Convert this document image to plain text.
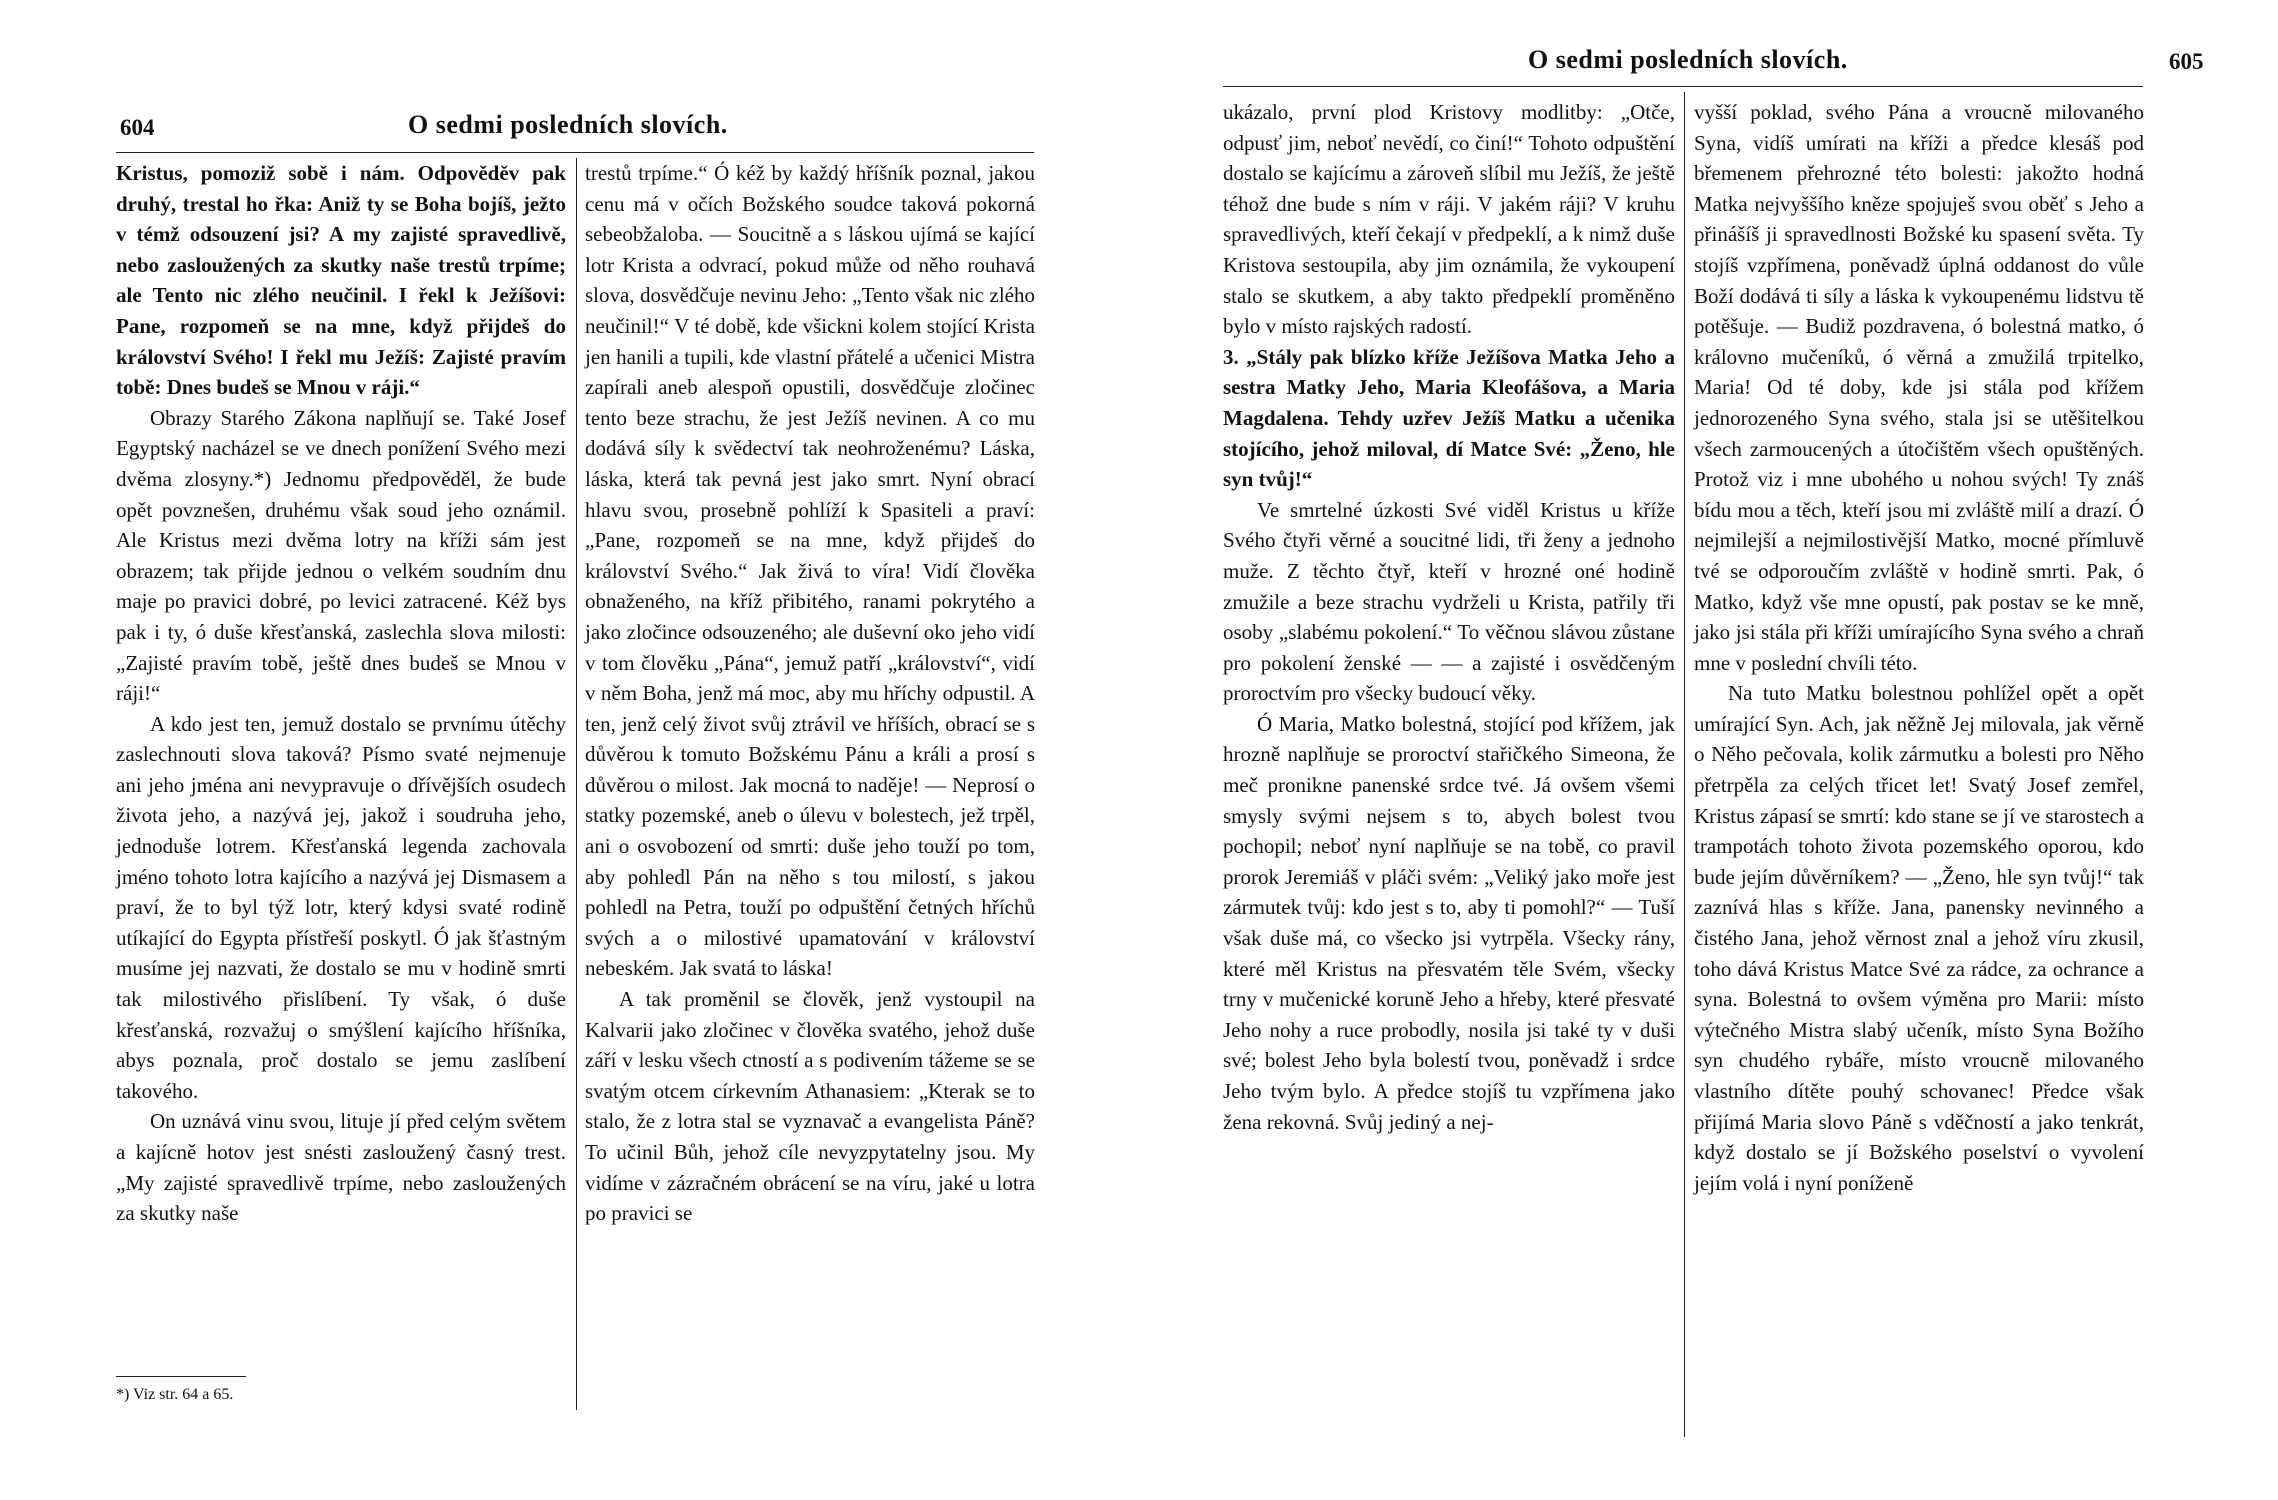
604	O sedmi posledních slovích.

Kristus, pomoziž sobě i nám. Odpověděv pak druhý, trestal ho řka: Aniž ty se Boha bojíš, ježto v témž odsouzení jsi? A my zajisté spravedlivě, nebo zasloužených za skutky naše trestů trpíme; ale Tento nic zlého neučinil. I řekl k Ježíšovi: Pane, rozpomeň se na mne, když přijdeš do království Svého! I řekl mu Ježíš: Zajisté pravím tobě: Dnes budeš se Mnou v ráji.“

Obrazy Starého Zákona naplňují se. Také Josef Egyptský nacházel se ve dnech ponížení Svého mezi dvěma zlosyny.*) Jednomu předpověděl, že bude opět povznešen, druhému však soud jeho oznámil. Ale Kristus mezi dvěma lotry na kříži sám jest obrazem; tak přijde jednou o velkém soudním dnu maje po pravici dobré, po levici zatracené. Kéž bys pak i ty, ó duše křesťanská, zaslechla slova milosti: „Zajisté pravím tobě, ještě dnes budeš se Mnou v ráji!“

A kdo jest ten, jemuž dostalo se prvnímu útěchy zaslechnouti slova taková? Písmo svaté nejmenuje ani jeho jména ani nevypravuje o dřívějších osudech života jeho, a nazývá jej, jakož i soudruha jeho, jednoduše lotrem. Křesťanská legenda zachovala jméno tohoto lotra kajícího a nazývá jej Dismasem a praví, že to byl týž lotr, který kdysi svaté rodině utíkající do Egypta přístřeší poskytl. Ó jak šťastným musíme jej nazvati, že dostalo se mu v hodině smrti tak milostivého přislíbení. Ty však, ó duše křesťanská, rozvažuj o smýšlení kajícího hříšníka, abys poznala, proč dostalo se jemu zaslíbení takového.

On uznává vinu svou, lituje jí před celým světem a kajícně hotov jest snésti zasloužený časný trest. „My zajisté spravedlivě trpíme, nebo zasloužených za skutky naše

*) Viz str. 64 a 65.

trestů trpíme.“ Ó kéž by každý hříšník poznal, jakou cenu má v očích Božského soudce taková pokorná sebeobžaloba. — Soucitně a s láskou ujímá se kající lotr Krista a odvrací, pokud může od něho rouhavá slova, dosvědčuje nevinu Jeho: „Tento však nic zlého neučinil!“ V té době, kde všickni kolem stojící Krista jen hanili a tupili, kde vlastní přátelé a učenici Mistra zapírali aneb alespoň opustili, dosvědčuje zločinec tento beze strachu, že jest Ježíš nevinen. A co mu dodává síly k svědectví tak neohroženému? Láska, láska, která tak pevná jest jako smrt. Nyní obrací hlavu svou, prosebně pohlíží k Spasiteli a praví: „Pane, rozpomeň se na mne, když přijdeš do království Svého.“ Jak živá to víra! Vidí člověka obnaženého, na kříž přibitého, ranami pokrytého a jako zločince odsouzeného; ale duševní oko jeho vidí v tom člověku „Pána“, jemuž patří „království“, vidí v něm Boha, jenž má moc, aby mu hříchy odpustil. A ten, jenž celý život svůj ztrávil ve hříších, obrací se s důvěrou k tomuto Božskému Pánu a králi a prosí s důvěrou o milost. Jak mocná to naděje! — Neprosí o statky pozemské, aneb o úlevu v bolestech, jež trpěl, ani o osvobození od smrti: duše jeho touží po tom, aby pohledl Pán na něho s tou milostí, s jakou pohledl na Petra, touží po odpuštění četných hříchů svých a o milostivé upamatování v království nebeském. Jak svatá to láska!

A tak proměnil se člověk, jenž vystoupil na Kalvarii jako zločinec v člověka svatého, jehož duše září v lesku všech ctností a s podivením tážeme se se svatým otcem církevním Athanasiem: „Kterak se to stalo, že z lotra stal se vyznavač a evangelista Páně? To učinil Bůh, jehož cíle nevyzpytatelny jsou. My vidíme v zázračném obrácení se na víru, jaké u lotra po pravici se

O sedmi posledních slovích.	605

ukázalo, první plod Kristovy modlitby: „Otče, odpusť jim, neboť nevědí, co činí!“ Tohoto odpuštění dostalo se kajícímu a zároveň slíbil mu Ježíš, že ještě téhož dne bude s ním v ráji. V jakém ráji? V kruhu spravedlivých, kteří čekají v předpeklí, a k nimž duše Kristova sestoupila, aby jim oznámila, že vykoupení stalo se skutkem, a aby takto předpeklí proměněno bylo v místo rajských radostí.

3. „Stály pak blízko kříže Ježíšova Matka Jeho a sestra Matky Jeho, Maria Kleofášova, a Maria Magdalena. Tehdy uzřev Ježíš Matku a učenika stojícího, jehož miloval, dí Matce Své: „Ženo, hle syn tvůj!“

Ve smrtelné úzkosti Své viděl Kristus u kříže Svého čtyři věrné a soucitné lidi, tři ženy a jednoho muže. Z těchto čtyř, kteří v hrozné oné hodině zmužile a beze strachu vydrželi u Krista, patřily tři osoby „slabému pokolení.“ To věčnou slávou zůstane pro pokolení ženské — — a zajisté i osvědčeným proroctvím pro všecky budoucí věky.

Ó Maria, Matko bolestná, stojící pod křížem, jak hrozně naplňuje se proroctví stařičkého Simeona, že meč pronikne panenské srdce tvé. Já ovšem všemi smysly svými nejsem s to, abych bolest tvou pochopil; neboť nyní naplňuje se na tobě, co pravil prorok Jeremiáš v pláči svém: „Veliký jako moře jest zármutek tvůj: kdo jest s to, aby ti pomohl?“ — Tuší však duše má, co všecko jsi vytrpěla. Všecky rány, které měl Kristus na přesvatém těle Svém, všecky trny v mučenické koruně Jeho a hřeby, které přesvaté Jeho nohy a ruce probodly, nosila jsi také ty v duši své; bolest Jeho byla bolestí tvou, poněvadž i srdce Jeho tvým bylo. A předce stojíš tu vzpřímena jako žena rekovná. Svůj jediný a nej-

vyšší poklad, svého Pána a vroucně milovaného Syna, vidíš umírati na kříži a předce klesáš pod břemenem přehrozné této bolesti: jakožto hodná Matka nejvyššího kněze spojuješ svou oběť s Jeho a přinášíš ji spravedlnosti Božské ku spasení světa. Ty stojíš vzpřímena, poněvadž úplná oddanost do vůle Boží dodává ti síly a láska k vykoupenému lidstvu tě potěšuje. — Budiž pozdravena, ó bolestná matko, ó královno mučeníků, ó věrná a zmužilá trpitelko, Maria! Od té doby, kde jsi stála pod křížem jednorozeného Syna svého, stala jsi se utěšitelkou všech zarmoucených a útočištěm všech opuštěných. Protož viz i mne ubohého u nohou svých! Ty znáš bídu mou a těch, kteří jsou mi zvláště milí a drazí. Ó nejmilejší a nejmilostivější Matko, mocné přímluvě tvé se odporoučím zvláště v hodině smrti. Pak, ó Matko, když vše mne opustí, pak postav se ke mně, jako jsi stála při kříži umírajícího Syna svého a chraň mne v poslední chvíli této.

Na tuto Matku bolestnou pohlížel opět a opět umírající Syn. Ach, jak něžně Jej milovala, jak věrně o Něho pečovala, kolik zármutku a bolesti pro Něho přetrpěla za celých třicet let! Svatý Josef zemřel, Kristus zápasí se smrtí: kdo stane se jí ve starostech a trampotách tohoto života pozemského oporou, kdo bude jejím důvěrníkem? — „Ženo, hle syn tvůj!“ tak zaznívá hlas s kříže. Jana, panensky nevinného a čistého Jana, jehož věrnost znal a jehož víru zkusil, toho dává Kristus Matce Své za rádce, za ochrance a syna. Bolestná to ovšem výměna pro Marii: místo výtečného Mistra slabý učeník, místo Syna Božího syn chudého rybáře, místo vroucně milovaného vlastního dítěte pouhý schovanec! Předce však přijímá Maria slovo Páně s vděčností a jako tenkrát, když dostalo se jí Božského poselství o vyvolení jejím volá i nyní poníženě
